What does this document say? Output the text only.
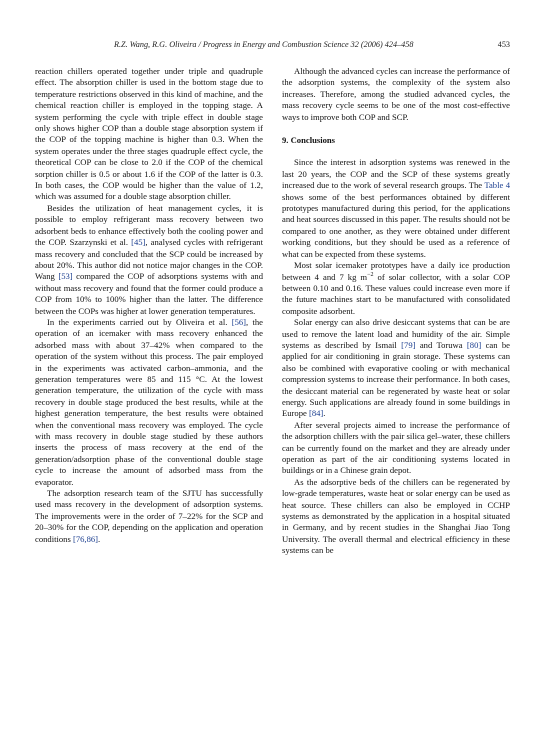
R.Z. Wang, R.G. Oliveira / Progress in Energy and Combustion Science 32 (2006) 424–458	453

reaction chillers operated together under triple and quadruple effect. The absorption chiller is used in the bottom stage due to temperature restrictions observed in this kind of machine, and the chemical reaction chiller is employed in the topping stage. A system performing the cycle with triple effect in double stage only shows higher COP than a double stage absorption system if the COP of the topping machine is higher than 0.3. When the system operates under the three stages quadruple effect cycle, the theoretical COP can be close to 2.0 if the COP of the chemical sorption chiller is 0.5 or about 1.6 if the COP of the latter is 0.3. In both cases, the COP would be higher than the value of 1.2, which was assumed for a double stage absorption chiller.

Besides the utilization of heat management cycles, it is possible to employ refrigerant mass recovery between two adsorbent beds to enhance effectively both the cooling power and the COP. Szarzynski et al. [45], analysed cycles with refrigerant mass recovery and concluded that the SCP could be increased by about 20%. This author did not notice major changes in the COP. Wang [53] compared the COP of adsorptions systems with and without mass recovery and found that the former could produce a COP from 10% to 100% higher than the latter. The difference between the COPs was higher at lower generation temperatures.

In the experiments carried out by Oliveira et al. [56], the operation of an icemaker with mass recovery enhanced the adsorbed mass with about 37–42% when compared to the operation of the system without this process. The pair employed in the experiments was activated carbon–ammonia, and the generation temperatures were 85 and 115 °C. At the lowest generation temperature, the utilization of the cycle with mass recovery in double stage produced the best results, while at the highest generation temperature, the best results were obtained when the conventional mass recovery was employed. The cycle with mass recovery in double stage studied by these authors inserts the process of mass recovery at the end of the generation/adsorption phase of the conventional double stage cycle to increase the amount of adsorbed mass from the evaporator.

The adsorption research team of the SJTU has successfully used mass recovery in the development of adsorption systems. The improvements were in the order of 7–22% for the SCP and 20–30% for the COP, depending on the application and operation conditions [76,86].

Although the advanced cycles can increase the performance of the adsorption systems, the complexity of the system also increases. Therefore, among the studied advanced cycles, the mass recovery cycle seems to be one of the most cost-effective ways to improve both COP and SCP.

9. Conclusions

Since the interest in adsorption systems was renewed in the last 20 years, the COP and the SCP of these systems greatly increased due to the work of several research groups. The Table 4 shows some of the best performances obtained by different prototypes manufactured during this period, for the applications and heat sources discussed in this paper. The results should not be compared to one another, as they were obtained under different working conditions, but they should be used as a reference of what can be expected from these systems.

Most solar icemaker prototypes have a daily ice production between 4 and 7 kg $m^{-2}$ of solar collector, with a solar COP between 0.10 and 0.16. These values could increase even more if the future machines start to be manufactured with consolidated composite adsorbent.

Solar energy can also drive desiccant systems that can be are used to remove the latent load and humidity of the air. Simple systems as described by Ismail [79] and Toruwa [80] can be applied for air conditioning in grain storage. These systems can also be combined with evaporative cooling or with mechanical compression systems to increase their performance. In both cases, the desiccant material can be regenerated by waste heat or solar energy. Such applications are already found in some buildings in Europe [84].

After several projects aimed to increase the performance of the adsorption chillers with the pair silica gel–water, these chillers can be currently found on the market and they are already under operation as part of the air conditioning systems located in buildings or in a Chinese grain depot.

As the adsorptive beds of the chillers can be regenerated by low-grade temperatures, waste heat or solar energy can be used as heat source. These chillers can also be employed in CCHP systems as demonstrated by the application in a hospital situated in Germany, and by recent studies in the Shanghai Jiao Tong University. The overall thermal and electrical efficiency in these systems can be
